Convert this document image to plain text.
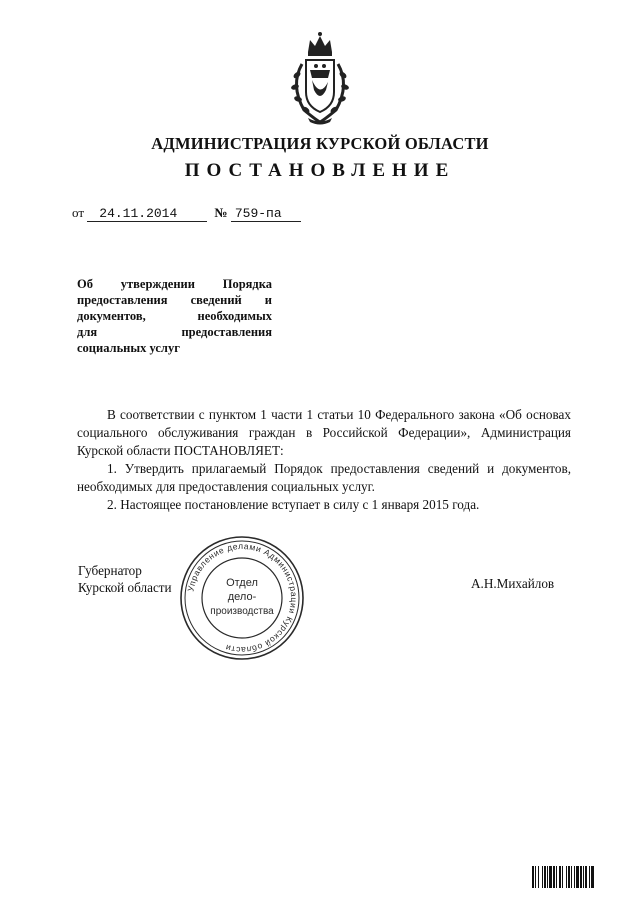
АДМИНИСТРАЦИЯ КУРСКОЙ ОБЛАСТИ
ПОСТАНОВЛЕНИЕ
от 24.11.2014	№ 759-па
Об утверждении Порядка
предоставления сведений и
документов, необходимых
для предоставления
социальных услуг

В соответствии с пунктом 1 части 1 статьи 10 Федерального закона «Об основах социального обслуживания граждан в Российской Федерации», Администрация Курской области ПОСТАНОВЛЯЕТ:

1. Утвердить прилагаемый Порядок предоставления сведений и документов, необходимых для предоставления социальных услуг.

2. Настоящее постановление вступает в силу с 1 января 2015 года.

Губернатор
Курской области	А.Н.Михайлов
Управление делами Администрации Курской области
Отдел
дело-
производства
